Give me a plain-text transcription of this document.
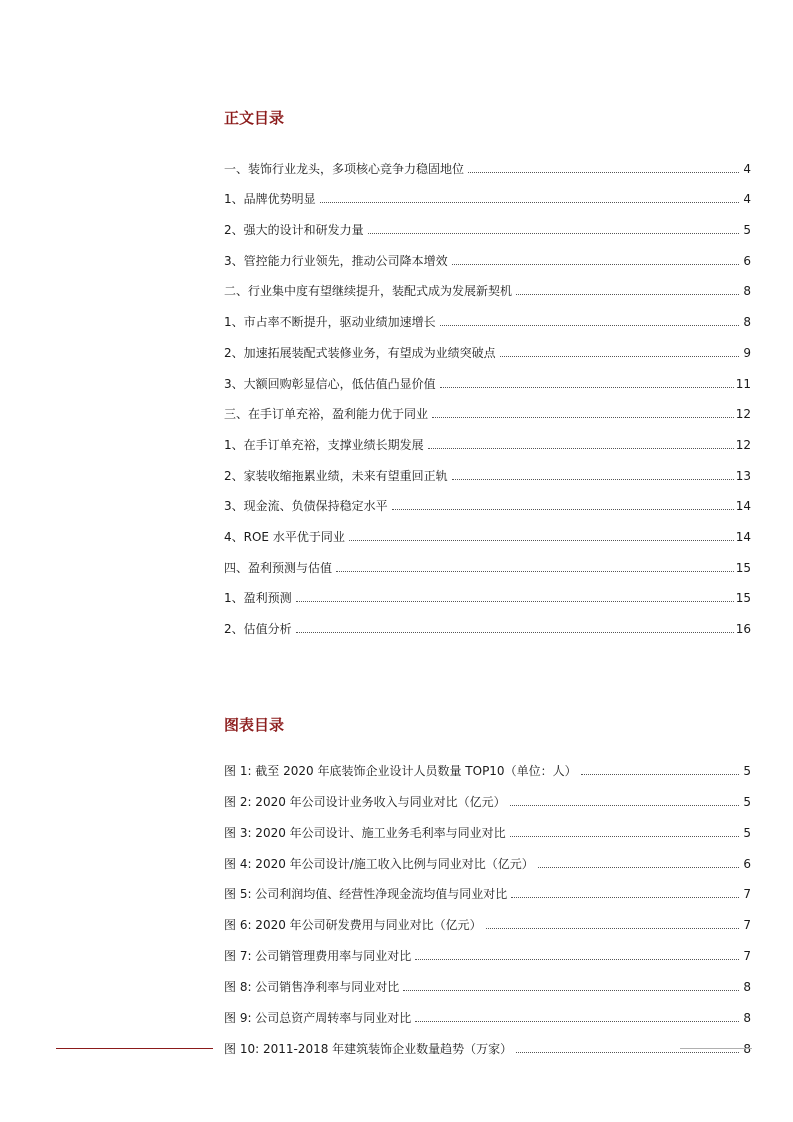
正文目录
一、装饰行业龙头，多项核心竞争力稳固地位	4
1、品牌优势明显	4
2、强大的设计和研发力量	5
3、管控能力行业领先，推动公司降本增效	6
二、行业集中度有望继续提升，装配式成为发展新契机	8
1、市占率不断提升，驱动业绩加速增长	8
2、加速拓展装配式装修业务，有望成为业绩突破点	9
3、大额回购彰显信心，低估值凸显价值	11
三、在手订单充裕，盈利能力优于同业	12
1、在手订单充裕，支撑业绩长期发展	12
2、家装收缩拖累业绩，未来有望重回正轨	13
3、现金流、负债保持稳定水平	14
4、ROE 水平优于同业	14
四、盈利预测与估值	15
1、盈利预测	15
2、估值分析	16
图表目录
图 1: 截至 2020 年底装饰企业设计人员数量 TOP10（单位：人）	5
图 2: 2020 年公司设计业务收入与同业对比（亿元）	5
图 3: 2020 年公司设计、施工业务毛利率与同业对比	5
图 4: 2020 年公司设计/施工收入比例与同业对比（亿元）	6
图 5: 公司利润均值、经营性净现金流均值与同业对比	7
图 6: 2020 年公司研发费用与同业对比（亿元）	7
图 7: 公司销管理费用率与同业对比	7
图 8: 公司销售净利率与同业对比	8
图 9: 公司总资产周转率与同业对比	8
图 10: 2011-2018 年建筑装饰企业数量趋势（万家）	8
